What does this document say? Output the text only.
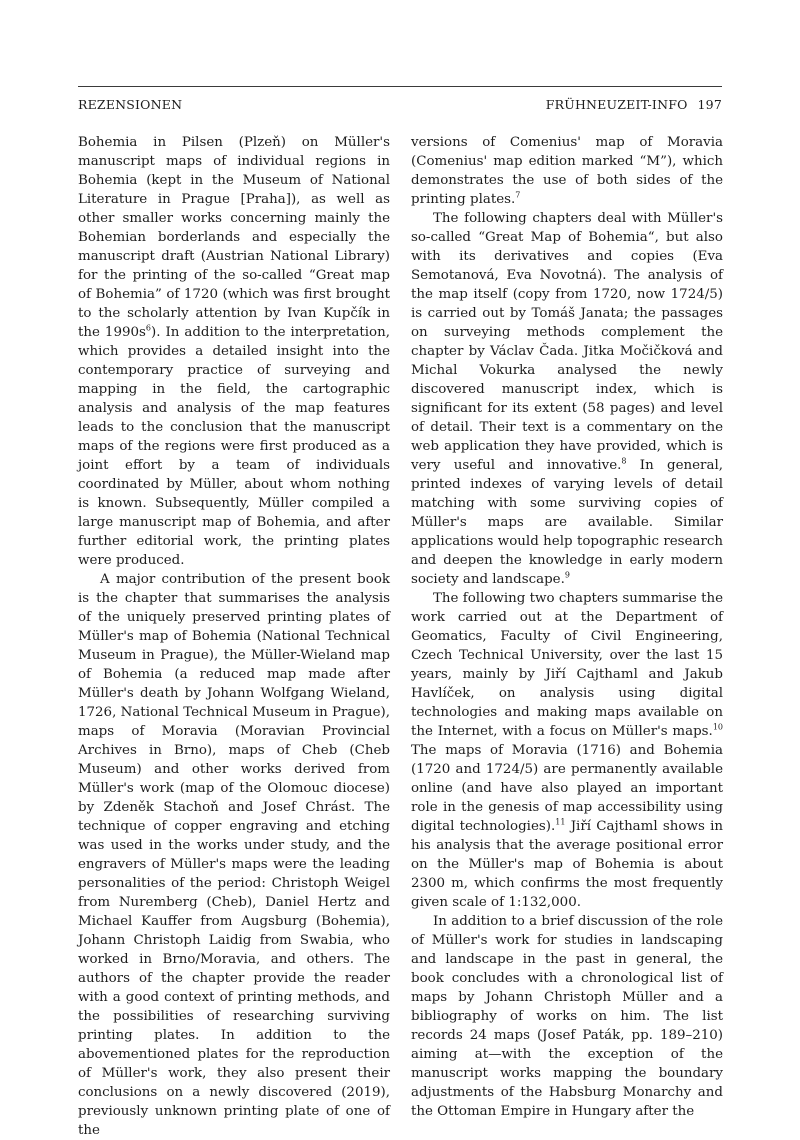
REZENSIONEN	FRÜHNEUZEIT-INFO 197

Bohemia in Pilsen (Plzeň) on Müller's manuscript maps of individual regions in Bohemia (kept in the Museum of National Literature in Prague [Praha]), as well as other smaller works concerning mainly the Bohemian borderlands and especially the manuscript draft (Austrian National Library) for the printing of the so-called “Great map of Bohemia” of 1720 (which was first brought to the scholarly attention by Ivan Kupčík in the $1990s^6$). In addition to the interpretation, which provides a detailed insight into the contemporary practice of surveying and mapping in the field, the cartographic analysis and analysis of the map features leads to the conclusion that the manuscript maps of the regions were first produced as a joint effort by a team of individuals coordinated by Müller, about whom nothing is known. Subsequently, Müller compiled a large manuscript map of Bohemia, and after further editorial work, the printing plates were produced.

A major contribution of the present book is the chapter that summarises the analysis of the uniquely preserved printing plates of Müller's map of Bohemia (National Technical Museum in Prague), the Müller-Wieland map of Bohemia (a reduced map made after Müller's death by Johann Wolfgang Wieland, 1726, National Technical Museum in Prague), maps of Moravia (Moravian Provincial Archives in Brno), maps of Cheb (Cheb Museum) and other works derived from Müller's work (map of the Olomouc diocese) by Zdeněk Stachoň and Josef Chrást. The technique of copper engraving and etching was used in the works under study, and the engravers of Müller's maps were the leading personalities of the period: Christoph Weigel from Nuremberg (Cheb), Daniel Hertz and Michael Kauffer from Augsburg (Bohemia), Johann Christoph Laidig from Swabia, who worked in Brno/Moravia, and others. The authors of the chapter provide the reader with a good context of printing methods, and the possibilities of researching surviving printing plates. In addition to the abovementioned plates for the reproduction of Müller's work, they also present their conclusions on a newly discovered (2019), previously unknown printing plate of one of the

versions of Comenius' map of Moravia (Comenius' map edition marked “M”), which demonstrates the use of both sides of the printing plates.$^7$

The following chapters deal with Müller's so-called “Great Map of Bohemia“, but also with its derivatives and copies (Eva Semotanová, Eva Novotná). The analysis of the map itself (copy from 1720, now 1724/5) is carried out by Tomáš Janata; the passages on surveying methods complement the chapter by Václav Čada. Jitka Močičková and Michal Vokurka analysed the newly discovered manuscript index, which is significant for its extent (58 pages) and level of detail. Their text is a commentary on the web application they have provided, which is very useful and innovative.$^8$ In general, printed indexes of varying levels of detail matching with some surviving copies of Müller's maps are available. Similar applications would help topographic research and deepen the knowledge in early modern society and landscape.$^9$

The following two chapters summarise the work carried out at the Department of Geomatics, Faculty of Civil Engineering, Czech Technical University, over the last 15 years, mainly by Jiří Cajthaml and Jakub Havlíček, on analysis using digital technologies and making maps available on the Internet, with a focus on Müller's maps.$^{10}$ The maps of Moravia (1716) and Bohemia (1720 and 1724/5) are permanently available online (and have also played an important role in the genesis of map accessibility using digital technologies).$^{11}$ Jiří Cajthaml shows in his analysis that the average positional error on the Müller's map of Bohemia is about 2300 m, which confirms the most frequently given scale of 1:132,000.

In addition to a brief discussion of the role of Müller's work for studies in landscaping and landscape in the past in general, the book concludes with a chronological list of maps by Johann Christoph Müller and a bibliography of works on him. The list records 24 maps (Josef Paták, pp. 189–210) aiming at—with the exception of the manuscript works mapping the boundary adjustments of the Habsburg Monarchy and the Ottoman Empire in Hungary after the
